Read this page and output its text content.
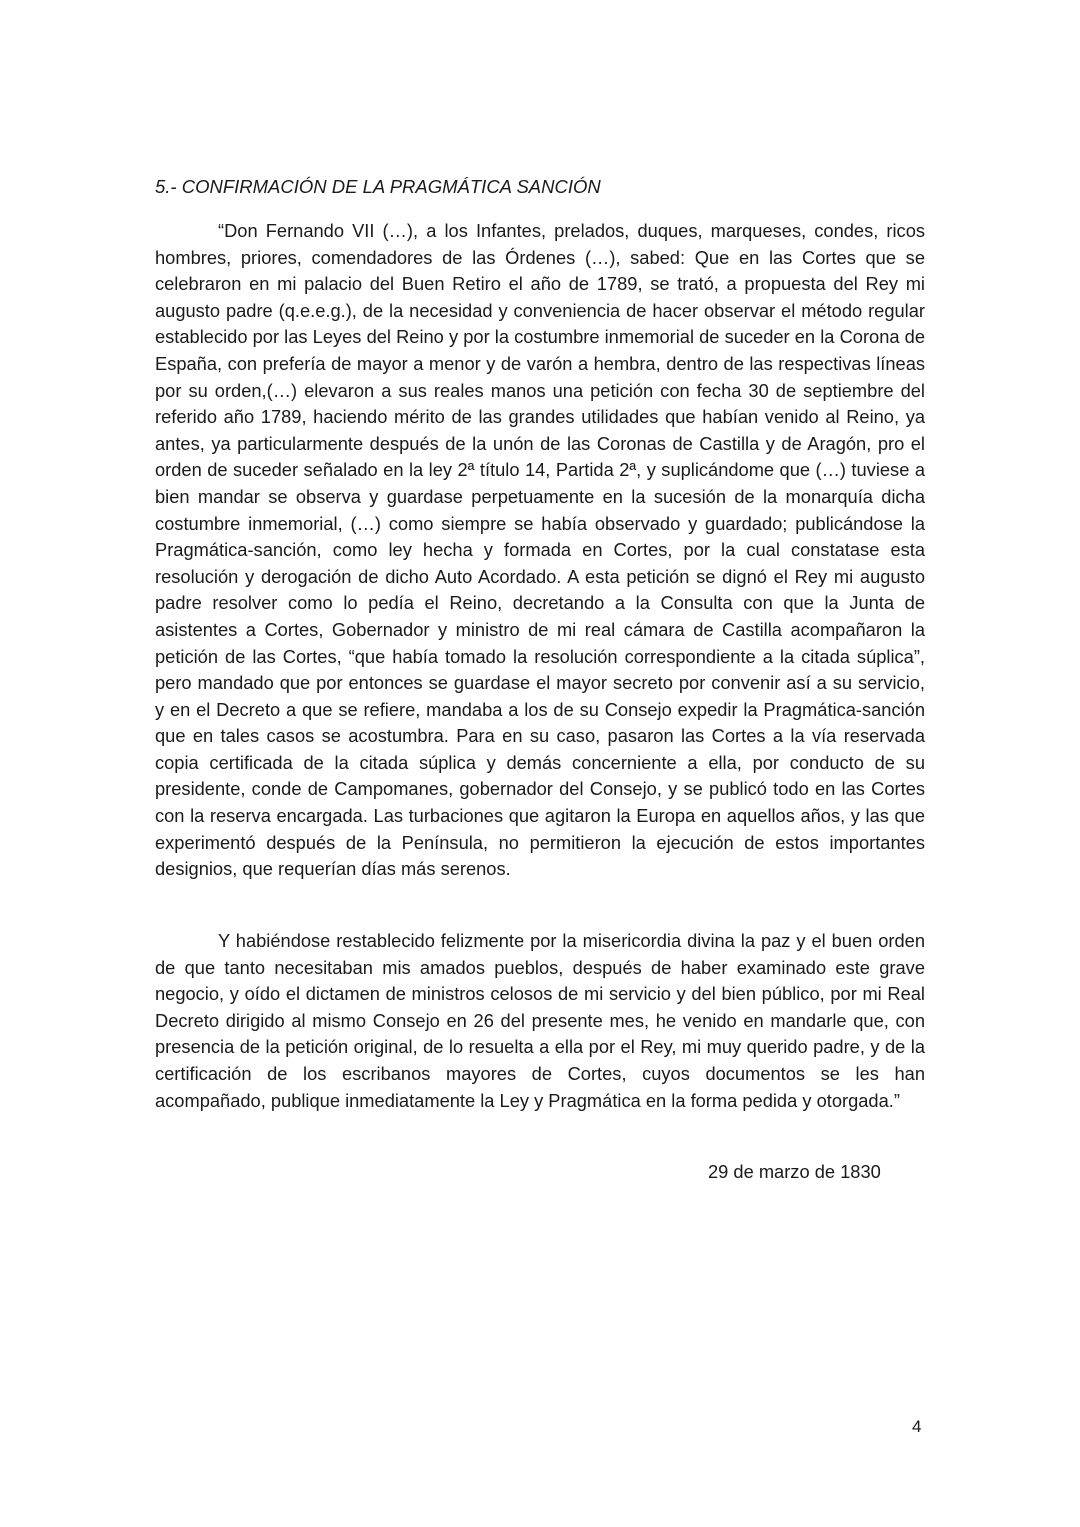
5.- CONFIRMACIÓN DE LA PRAGMÁTICA SANCIÓN

“Don Fernando VII (…), a los Infantes, prelados, duques, marqueses, condes, ricos hombres, priores, comendadores de las Órdenes (…), sabed: Que en las Cortes que se celebraron en mi palacio del Buen Retiro el año de 1789, se trató, a propuesta del Rey mi augusto padre (q.e.e.g.), de la necesidad y conveniencia de hacer observar el método regular establecido por las Leyes del Reino y por la costumbre inmemorial de suceder en la Corona de España, con prefería de mayor a menor y de varón a hembra, dentro de las respectivas líneas por su orden,(…) elevaron a sus reales manos una petición con fecha 30 de septiembre del referido año 1789, haciendo mérito de las grandes utilidades que habían venido al Reino, ya antes, ya particularmente después de la unón de las Coronas de Castilla y de Aragón, pro el orden de suceder señalado en la ley 2ª título 14, Partida 2ª, y suplicándome que (…) tuviese a bien mandar se observa y guardase perpetuamente en la sucesión de la monarquía dicha costumbre inmemorial, (…) como siempre se había observado y guardado; publicándose la Pragmática-sanción, como ley hecha y formada en Cortes, por la cual constatase esta resolución y derogación de dicho Auto Acordado. A esta petición se dignó el Rey mi augusto padre resolver como lo pedía el Reino, decretando a la Consulta con que la Junta de asistentes a Cortes, Gobernador y ministro de mi real cámara de Castilla acompañaron la petición de las Cortes, “que había tomado la resolución correspondiente a la citada súplica”, pero mandado que por entonces se guardase el mayor secreto por convenir así a su servicio, y en el Decreto a que se refiere, mandaba a los de su Consejo expedir la Pragmática-sanción que en tales casos se acostumbra. Para en su caso, pasaron las Cortes a la vía reservada copia certificada de la citada súplica y demás concerniente a ella, por conducto de su presidente, conde de Campomanes, gobernador del Consejo, y se publicó todo en las Cortes con la reserva encargada. Las turbaciones que agitaron la Europa en aquellos años, y las que experimentó después de la Península, no permitieron la ejecución de estos importantes designios, que requerían días más serenos.

Y habiéndose restablecido felizmente por la misericordia divina la paz y el buen orden de que tanto necesitaban mis amados pueblos, después de haber examinado este grave negocio, y oído el dictamen de ministros celosos de mi servicio y del bien público, por mi Real Decreto dirigido al mismo Consejo en 26 del presente mes, he venido en mandarle que, con presencia de la petición original, de lo resuelta a ella por el Rey, mi muy querido padre, y de la certificación de los escribanos mayores de Cortes, cuyos documentos se les han acompañado, publique inmediatamente la Ley y Pragmática en la forma pedida y otorgada.”

29 de marzo de 1830

4
